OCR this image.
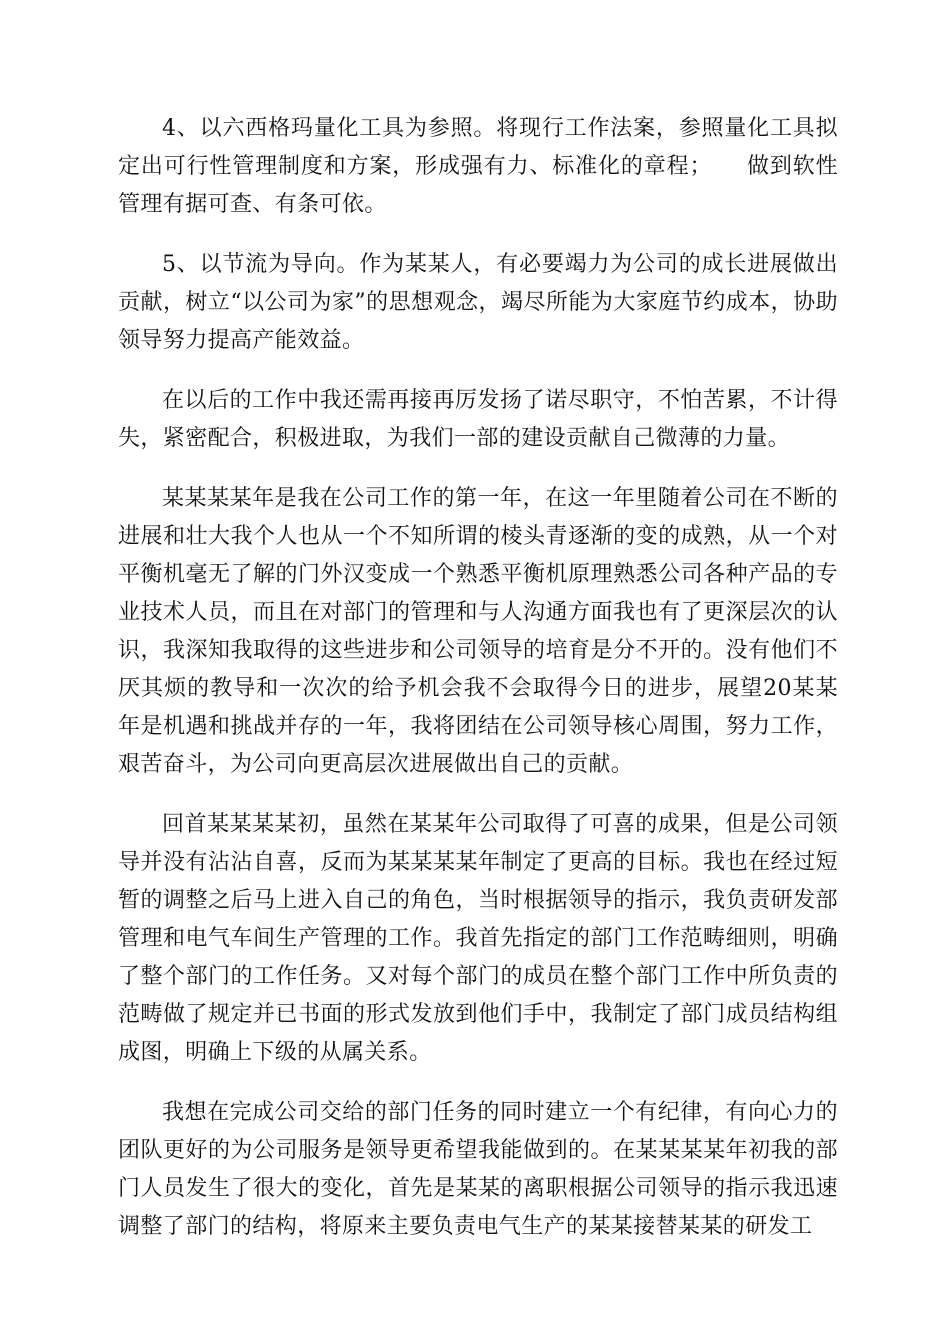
4、以六西格玛量化工具为参照。将现行工作法案，参照量化工具拟定出可行性管理制度和方案，形成强有力、标准化的章程；　　做到软性管理有据可查、有条可依。

5、以节流为导向。作为某某人，有必要竭力为公司的成长进展做出贡献，树立“以公司为家”的思想观念，竭尽所能为大家庭节约成本，协助领导努力提高产能效益。

在以后的工作中我还需再接再厉发扬了诺尽职守，不怕苦累，不计得失，紧密配合，积极进取，为我们一部的建设贡献自己微薄的力量。

某某某某年是我在公司工作的第一年，在这一年里随着公司在不断的进展和壮大我个人也从一个不知所谓的棱头青逐渐的变的成熟，从一个对平衡机毫无了解的门外汉变成一个熟悉平衡机原理熟悉公司各种产品的专业技术人员，而且在对部门的管理和与人沟通方面我也有了更深层次的认识，我深知我取得的这些进步和公司领导的培育是分不开的。没有他们不厌其烦的教导和一次次的给予机会我不会取得今日的进步，展望20某某年是机遇和挑战并存的一年，我将团结在公司领导核心周围，努力工作，艰苦奋斗，为公司向更高层次进展做出自己的贡献。

回首某某某某初，虽然在某某年公司取得了可喜的成果，但是公司领导并没有沾沾自喜，反而为某某某某年制定了更高的目标。我也在经过短暂的调整之后马上进入自己的角色，当时根据领导的指示，我负责研发部管理和电气车间生产管理的工作。我首先指定的部门工作范畴细则，明确了整个部门的工作任务。又对每个部门的成员在整个部门工作中所负责的范畴做了规定并已书面的形式发放到他们手中，我制定了部门成员结构组成图，明确上下级的从属关系。

我想在完成公司交给的部门任务的同时建立一个有纪律，有向心力的团队更好的为公司服务是领导更希望我能做到的。在某某某某年初我的部门人员发生了很大的变化，首先是某某的离职根据公司领导的指示我迅速调整了部门的结构，将原来主要负责电气生产的某某接替某某的研发工
